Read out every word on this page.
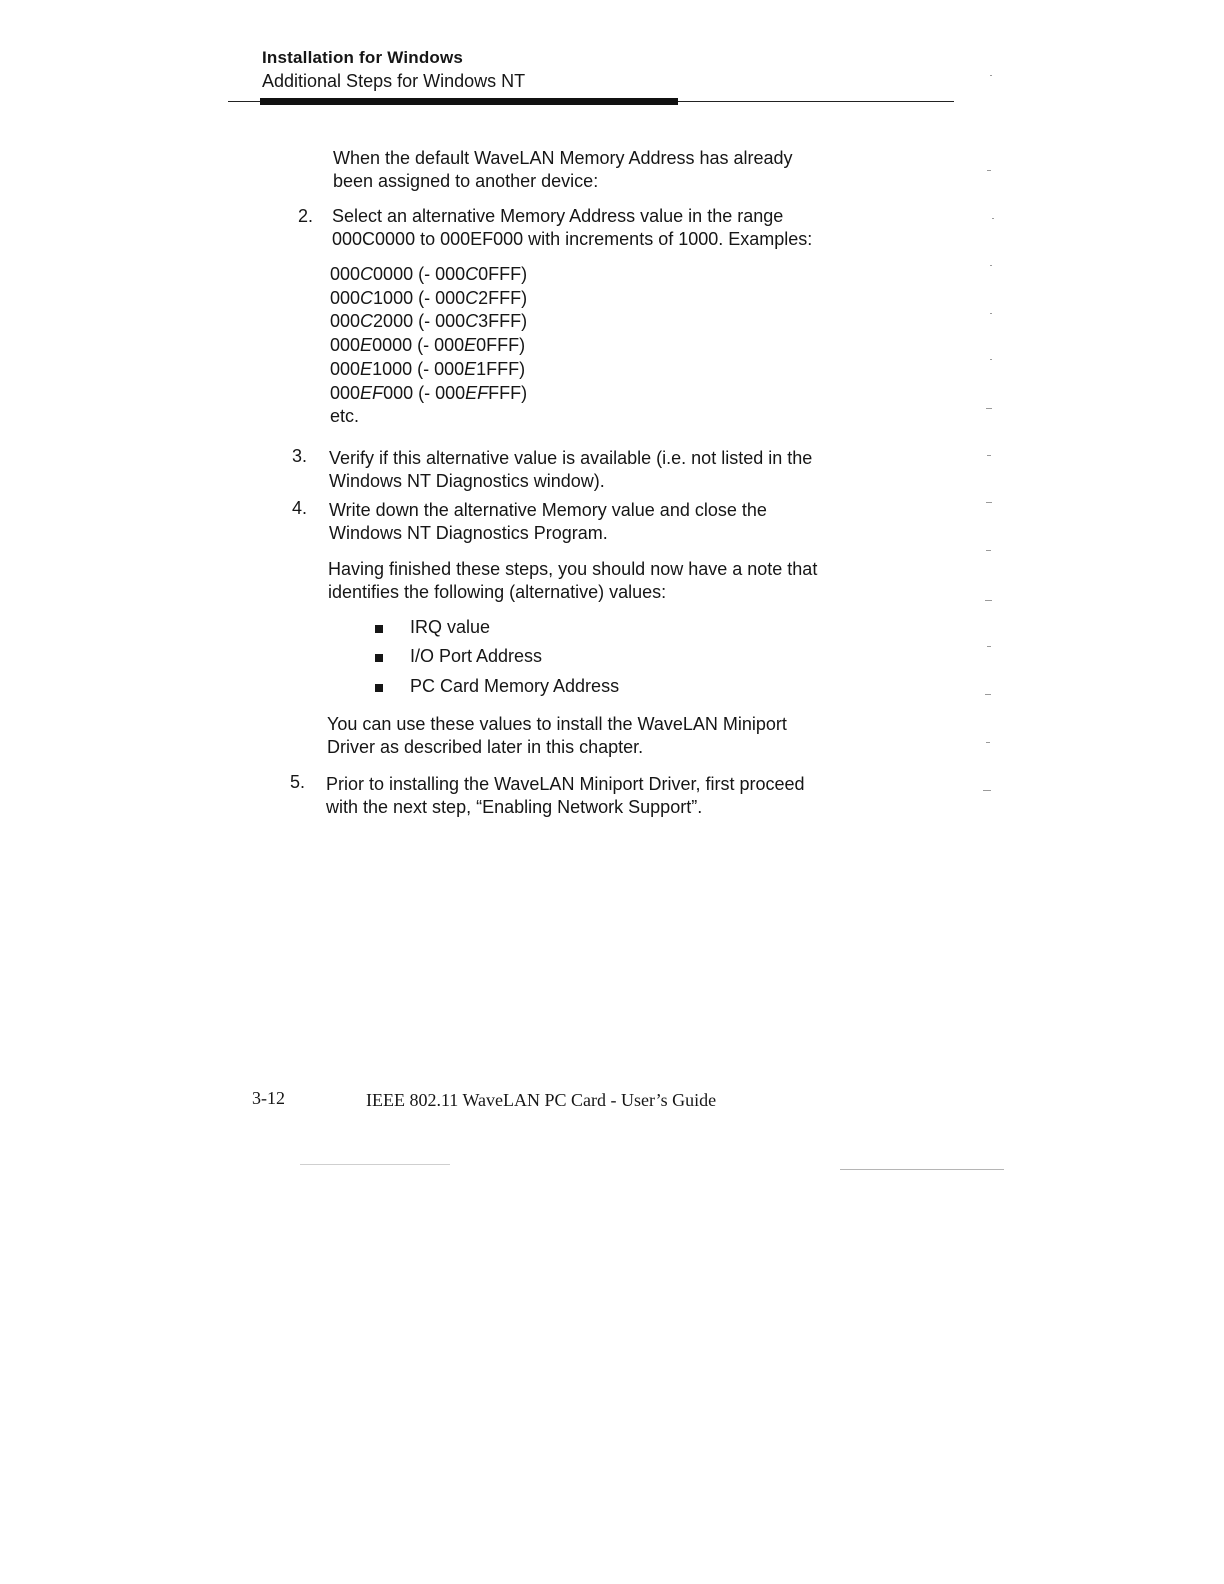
Installation for Windows
Additional Steps for Windows NT
When the default WaveLAN Memory Address has already
been assigned to another device:
2. Select an alternative Memory Address value in the range
000C0000 to 000EF000 with increments of 1000. Examples:
000C0000 (- 000C0FFF)
000C1000 (- 000C2FFF)
000C2000 (- 000C3FFF)
000E0000 (- 000E0FFF)
000E1000 (- 000E1FFF)
000EF000 (- 000EFFFF)
etc.
3. Verify if this alternative value is available (i.e. not listed in the
Windows NT Diagnostics window).
4. Write down the alternative Memory value and close the
Windows NT Diagnostics Program.
Having finished these steps, you should now have a note that
identifies the following (alternative) values:
IRQ value
I/O Port Address
PC Card Memory Address
You can use these values to install the WaveLAN Miniport
Driver as described later in this chapter.
5. Prior to installing the WaveLAN Miniport Driver, first proceed
with the next step, “Enabling Network Support”.
3-12	IEEE 802.11 WaveLAN PC Card - User’s Guide
